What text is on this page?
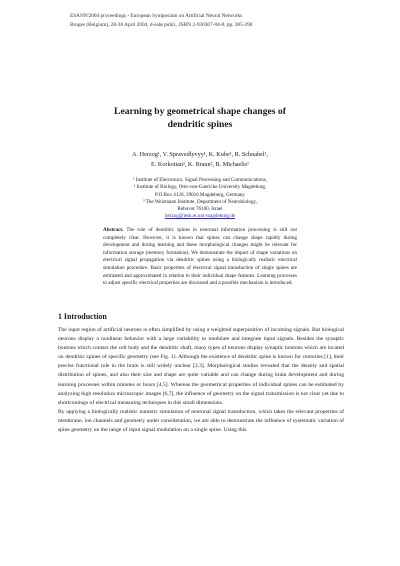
ESANN'2004 proceedings - European Symposium on Artificial Neural Networks
Bruges (Belgium), 28-30 April 2004, d-side publi., ISBN 2-930307-04-8, pp. 385-390
Learning by geometrical shape changes of
dendritic spines
A. Herzog¹, V. Spravedlyvyy¹, K. Kube¹, R. Schnabel¹,
E. Korkotian³, K. Braun², B. Michaelis¹
¹ Institute of Electronics, Signal Processing and Communications,
² Institute of Biology, Otto-von-Guericke University Magdeburg,
P.O.Box 4120, 39016 Magdeburg, Germany
³ The Weizmann Institute, Department of Neurobiology,
Rehovot 76100, Israel
herzog@iesk.et.uni-magdeburg.de
Abstract. The role of dendritic spines in neuronal information processing is still not completely clear. However, it is known that spines can change shape rapidly during development and during learning and these morphological changes might be relevant for information storage (memory formation). We demonstrate the impact of shape variations on electrical signal propagation via dendritic spines using a biologically realistic electrical simulation procedure. Basic properties of electrical signal transduction of single spines are estimated and approximated in relation to their individual shape features. Learning processes to adjust specific electrical properties are discussed and a possible mechanism is introduced.
1 Introduction

The input region of artificial neurons is often simplified by using a weighted superposition of incoming signals. But biological neurons display a nonlinear behavior with a large variability to modulate and integrate input signals. Besides the synaptic boutons which contact the cell body and the dendritic shaft, many types of neurons display synaptic boutons which are located on dendritic spines of specific geometry (see Fig. 1). Although the existence of dendritic spine is known for centuries [1], their precise functional role in the brain is still widely unclear [2,3]. Morphological studies revealed that the density and spatial distribution of spines, and also their size and shape are quite variable and can change during brain development and during learning processes within minutes or hours [4,5]. Whereas the geometrical properties of individual spines can be estimated by analyzing high resolution microscopic images [6,7], the influence of geometry on the signal transmission is not clear yet due to shortcomings of electrical measuring techniques in this small dimensions.

By applying a biologically realistic numeric simulation of neuronal signal transduction, which takes the relevant properties of membrane, ion channels and geometry under consideration, we are able to demonstrate the influence of systematic variation of spine geometry on the range of input signal modulation on a single spine. Using this
